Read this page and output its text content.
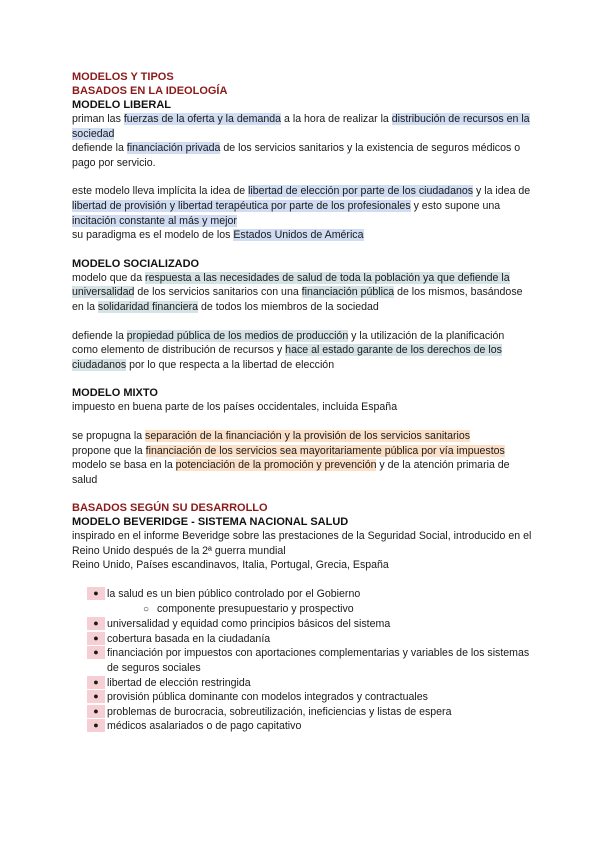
MODELOS Y TIPOS
BASADOS EN LA IDEOLOGÍA
MODELO LIBERAL

priman las fuerzas de la oferta y la demanda a la hora de realizar la distribución de recursos en la sociedad

defiende la financiación privada de los servicios sanitarios y la existencia de seguros médicos o pago por servicio.

este modelo lleva implícita la idea de libertad de elección por parte de los ciudadanos y la idea de libertad de provisión y libertad terapéutica por parte de los profesionales y esto supone una incitación constante al más y mejor

su paradigma es el modelo de los Estados Unidos de América

MODELO SOCIALIZADO

modelo que da respuesta a las necesidades de salud de toda la población ya que defiende la universalidad de los servicios sanitarios con una financiación pública de los mismos, basándose en la solidaridad financiera de todos los miembros de la sociedad

defiende la propiedad pública de los medios de producción y la utilización de la planificación como elemento de distribución de recursos y hace al estado garante de los derechos de los ciudadanos por lo que respecta a la libertad de elección

MODELO MIXTO

impuesto en buena parte de los países occidentales, incluida España

se propugna la separación de la financiación y la provisión de los servicios sanitarios

propone que la financiación de los servicios sea mayoritariamente pública por vía impuestos

modelo se basa en la potenciación de la promoción y prevención y de la atención primaria de salud

BASADOS SEGÚN SU DESARROLLO
MODELO BEVERIDGE - SISTEMA NACIONAL SALUD

inspirado en el informe Beveridge sobre las prestaciones de la Seguridad Social, introducido en el Reino Unido después de la 2ª guerra mundial

Reino Unido, Países escandinavos, Italia, Portugal, Grecia, España

● la salud es un bien público controlado por el Gobierno
○ componente presupuestario y prospectivo
● universalidad y equidad como principios básicos del sistema
● cobertura basada en la ciudadanía
● financiación por impuestos con aportaciones complementarias y variables de los sistemas de seguros sociales
● libertad de elección restringida
● provisión pública dominante con modelos integrados y contractuales
● problemas de burocracia, sobreutilización, ineficiencias y listas de espera
● médicos asalariados o de pago capitativo
